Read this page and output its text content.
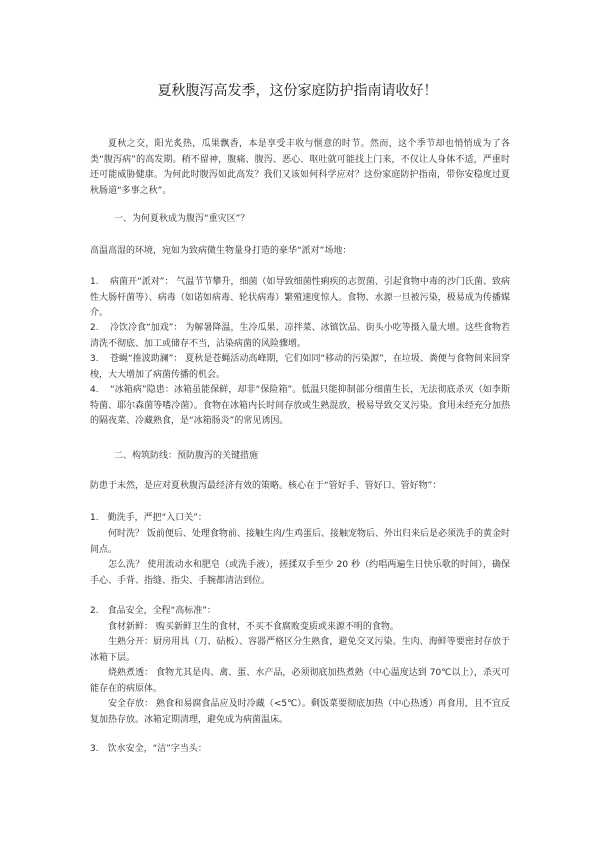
夏秋腹泻高发季，这份家庭防护指南请收好！
夏秋之交，阳光炙热，瓜果飘香，本是享受丰收与惬意的时节。然而，这个季节却也悄悄成为了各类“腹泻病”的高发期。稍不留神，腹痛、腹泻、恶心、呕吐就可能找上门来，不仅让人身体不适，严重时还可能威胁健康。为何此时腹泻如此高发？我们又该如何科学应对？这份家庭防护指南，带你安稳度过夏秋肠道“多事之秋”。
一、为何夏秋成为腹泻“重灾区”？
高温高湿的环境，宛如为致病微生物量身打造的豪华“派对”场地：
1. 病菌开“派对”： 气温节节攀升，细菌（如导致细菌性痢疾的志贺菌、引起食物中毒的沙门氏菌、致病性大肠杆菌等）、病毒（如诺如病毒、轮状病毒）繁殖速度惊人。食物、水源一旦被污染，极易成为传播媒介。
2. 冷饮冷食“加戏”： 为解暑降温，生冷瓜果、凉拌菜、冰镇饮品、街头小吃等摄入量大增。这些食物若清洗不彻底、加工或储存不当，沾染病菌的风险骤增。
3. 苍蝇“推波助澜”： 夏秋是苍蝇活动高峰期，它们如同“移动的污染源”，在垃圾、粪便与食物间来回穿梭，大大增加了病菌传播的机会。
4. “冰箱病”隐患：冰箱虽能保鲜，却非“保险箱”。低温只能抑制部分细菌生长，无法彻底杀灭（如李斯特菌、耶尔森菌等嗜冷菌）。食物在冰箱内长时间存放或生熟混放，极易导致交叉污染。食用未经充分加热的隔夜菜、冷藏熟食，是“冰箱肠炎”的常见诱因。
二、构筑防线：预防腹泻的关键措施
防患于未然，是应对夏秋腹泻最经济有效的策略。核心在于“管好手、管好口、管好物”：
1.　勤洗手，严把“入口关”：
何时洗？ 饭前便后、处理食物前、接触生肉/生鸡蛋后、接触宠物后、外出归来后是必须洗手的黄金时间点。
怎么洗？ 使用流动水和肥皂（或洗手液），搓揉双手至少 20 秒（约唱两遍生日快乐歌的时间），确保手心、手背、指缝、指尖、手腕都清洁到位。
2.　食品安全，全程“高标准”：
食材新鲜： 购买新鲜卫生的食材，不买不食腐败变质或来源不明的食物。
生熟分开：厨房用具（刀、砧板）、容器严格区分生熟食，避免交叉污染。生肉、海鲜等要密封存放于冰箱下层。
烧熟煮透： 食物尤其是肉、禽、蛋、水产品，必须彻底加热煮熟（中心温度达到 70℃以上），杀灭可能存在的病原体。
安全存放： 熟食和易腐食品应及时冷藏（<5℃）。剩饭菜要彻底加热（中心热透）再食用，且不宜反复加热存放。冰箱定期清理，避免成为病菌温床。
3.　饮水安全，“洁”字当头：
